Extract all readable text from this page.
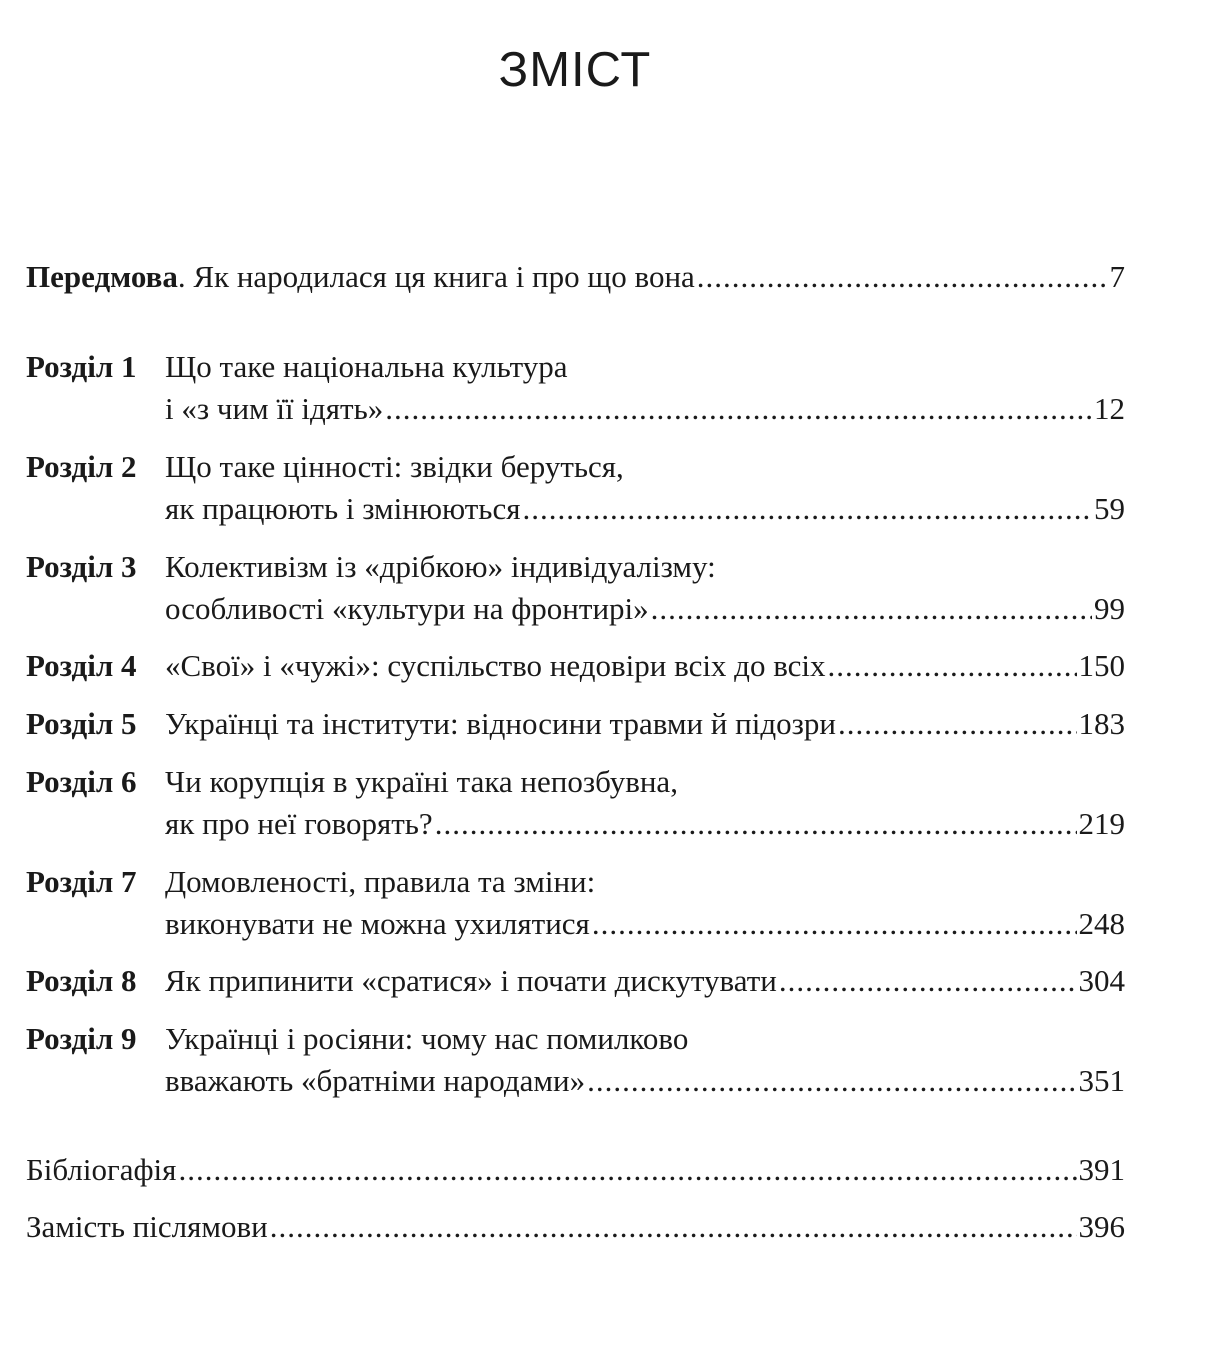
ЗМІСТ
Передмова. Як народилася ця книга і про що вона .....	7
Розділ 1 Що таке національна культура
і «з чим її ідять» .....	12
Розділ 2 Що таке цінності: звідки беруться,
як працюють і змінюються .....	59
Розділ 3 Колективізм із «дрібкою» індивідуалізму:
особливості «культури на фронтирі» .....	99
Розділ 4 «Свої» і «чужі»: суспільство недовіри всіх до всіх .....	150
Розділ 5 Українці та інститути: відносини травми й підозри .....	183
Розділ 6 Чи корупція в україні така непозбувна,
як про неї говорять? .....	219
Розділ 7 Домовленості, правила та зміни:
виконувати не можна ухилятися .....	248
Розділ 8 Як припинити «сратися» і почати дискутувати .....	304
Розділ 9 Українці і росіяни: чому нас помилково
вважають «братніми народами» .....	351
Бібліогафія .....	391
Замість післямови .....	396
